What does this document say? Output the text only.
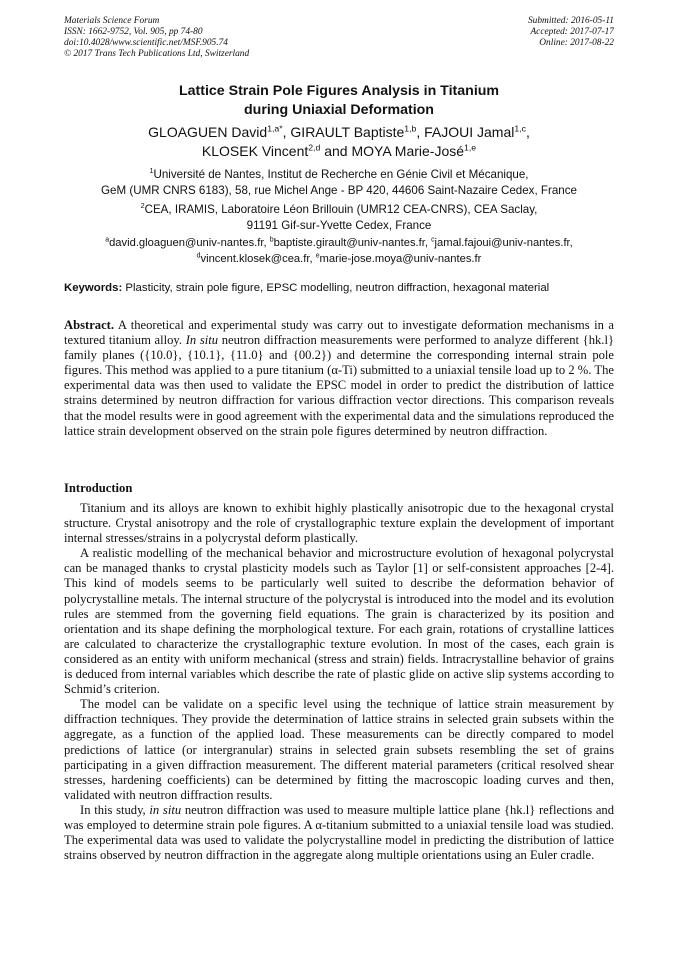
Materials Science Forum
ISSN: 1662-9752, Vol. 905, pp 74-80
doi:10.4028/www.scientific.net/MSF.905.74
© 2017 Trans Tech Publications Ltd, Switzerland
Submitted: 2016-05-11
Accepted: 2017-07-17
Online: 2017-08-22
Lattice Strain Pole Figures Analysis in Titanium
during Uniaxial Deformation
GLOAGUEN David$^{1,a*}$, GIRAULT Baptiste$^{1,b}$, FAJOUI Jamal$^{1,c}$,
KLOSEK Vincent$^{2,d}$ and MOYA Marie-José$^{1,e}$
$^1$Université de Nantes, Institut de Recherche en Génie Civil et Mécanique,
GeM (UMR CNRS 6183), 58, rue Michel Ange - BP 420, 44606 Saint-Nazaire Cedex, France
$^2$CEA, IRAMIS, Laboratoire Léon Brillouin (UMR12 CEA-CNRS), CEA Saclay,
91191 Gif-sur-Yvette Cedex, France
$^a$david.gloaguen@univ-nantes.fr, $^b$baptiste.girault@univ-nantes.fr, $^c$jamal.fajoui@univ-nantes.fr,
$^d$vincent.klosek@cea.fr, $^e$marie-jose.moya@univ-nantes.fr
Keywords: Plasticity, strain pole figure, EPSC modelling, neutron diffraction, hexagonal material
Abstract. A theoretical and experimental study was carry out to investigate deformation mechanisms in a textured titanium alloy. In situ neutron diffraction measurements were performed to analyze different {hk.l} family planes ({10.0}, {10.1}, {11.0} and {00.2}) and determine the corresponding internal strain pole figures. This method was applied to a pure titanium (α-Ti) submitted to a uniaxial tensile load up to 2 %. The experimental data was then used to validate the EPSC model in order to predict the distribution of lattice strains determined by neutron diffraction for various diffraction vector directions. This comparison reveals that the model results were in good agreement with the experimental data and the simulations reproduced the lattice strain development observed on the strain pole figures determined by neutron diffraction.
Introduction

Titanium and its alloys are known to exhibit highly plastically anisotropic due to the hexagonal crystal structure. Crystal anisotropy and the role of crystallographic texture explain the development of important internal stresses/strains in a polycrystal deform plastically.

A realistic modelling of the mechanical behavior and microstructure evolution of hexagonal polycrystal can be managed thanks to crystal plasticity models such as Taylor [1] or self-consistent approaches [2-4]. This kind of models seems to be particularly well suited to describe the deformation behavior of polycrystalline metals. The internal structure of the polycrystal is introduced into the model and its evolution rules are stemmed from the governing field equations. The grain is characterized by its position and orientation and its shape defining the morphological texture. For each grain, rotations of crystalline lattices are calculated to characterize the crystallographic texture evolution. In most of the cases, each grain is considered as an entity with uniform mechanical (stress and strain) fields. Intracrystalline behavior of grains is deduced from internal variables which describe the rate of plastic glide on active slip systems according to Schmid’s criterion.

The model can be validate on a specific level using the technique of lattice strain measurement by diffraction techniques. They provide the determination of lattice strains in selected grain subsets within the aggregate, as a function of the applied load. These measurements can be directly compared to model predictions of lattice (or intergranular) strains in selected grain subsets resembling the set of grains participating in a given diffraction measurement. The different material parameters (critical resolved shear stresses, hardening coefficients) can be determined by fitting the macroscopic loading curves and then, validated with neutron diffraction results.

In this study, in situ neutron diffraction was used to measure multiple lattice plane {hk.l} reflections and was employed to determine strain pole figures. A α-titanium submitted to a uniaxial tensile load was studied. The experimental data was used to validate the polycrystalline model in predicting the distribution of lattice strains observed by neutron diffraction in the aggregate along multiple orientations using an Euler cradle.
